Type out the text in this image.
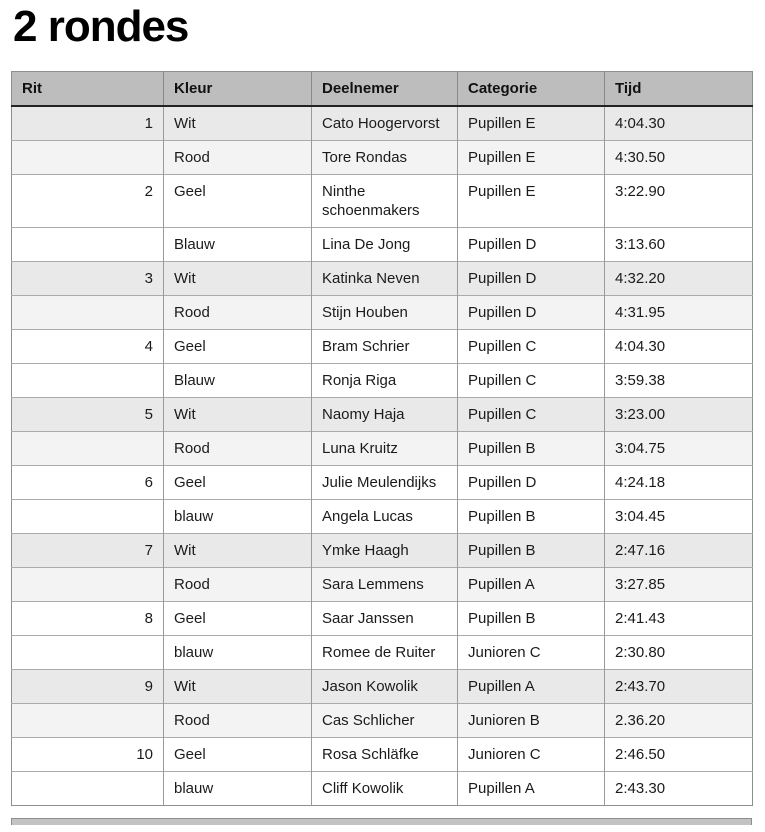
2 rondes
Rit	Kleur	Deelnemer	Categorie	Tijd
1	Wit	Cato Hoogervorst	Pupillen E	4:04.30
	Rood	Tore Rondas	Pupillen E	4:30.50
2	Geel	Ninthe schoenmakers	Pupillen E	3:22.90
	Blauw	Lina De Jong	Pupillen D	3:13.60
3	Wit	Katinka Neven	Pupillen D	4:32.20
	Rood	Stijn Houben	Pupillen D	4:31.95
4	Geel	Bram Schrier	Pupillen C	4:04.30
	Blauw	Ronja Riga	Pupillen C	3:59.38
5	Wit	Naomy Haja	Pupillen C	3:23.00
	Rood	Luna Kruitz	Pupillen B	3:04.75
6	Geel	Julie Meulendijks	Pupillen D	4:24.18
	blauw	Angela Lucas	Pupillen B	3:04.45
7	Wit	Ymke Haagh	Pupillen B	2:47.16
	Rood	Sara Lemmens	Pupillen A	3:27.85
8	Geel	Saar Janssen	Pupillen B	2:41.43
	blauw	Romee de Ruiter	Junioren C	2:30.80
9	Wit	Jason Kowolik	Pupillen A	2:43.70
	Rood	Cas Schlicher	Junioren B	2.36.20
10	Geel	Rosa Schläfke	Junioren C	2:46.50
	blauw	Cliff Kowolik	Pupillen A	2:43.30
